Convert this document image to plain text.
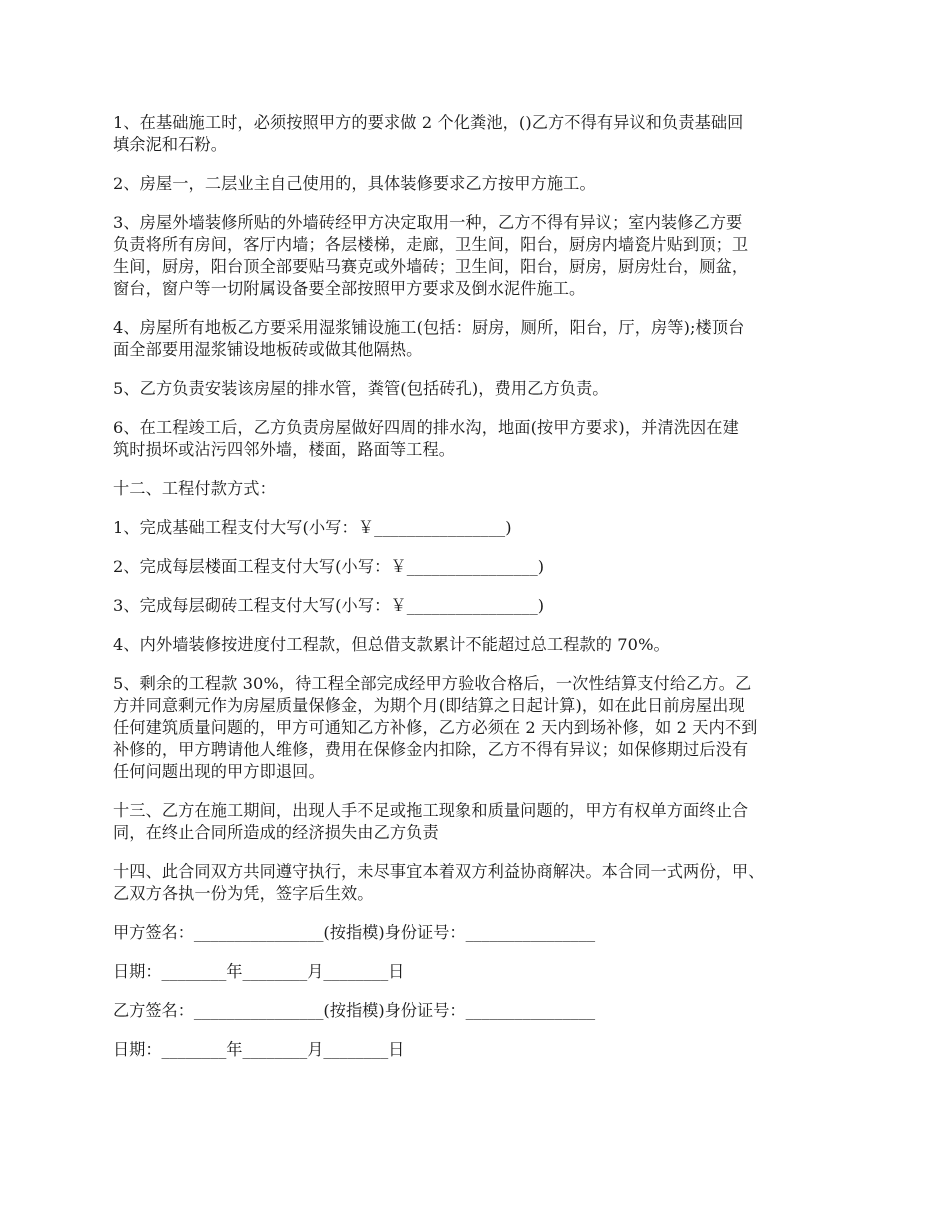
1、在基础施工时，必须按照甲方的要求做 2 个化粪池，()乙方不得有异议和负责基础回
填余泥和石粉。

2、房屋一，二层业主自己使用的，具体装修要求乙方按甲方施工。

3、房屋外墙装修所贴的外墙砖经甲方决定取用一种，乙方不得有异议；室内装修乙方要
负责将所有房间，客厅内墙；各层楼梯，走廊，卫生间，阳台，厨房内墙瓷片贴到顶；卫
生间，厨房，阳台顶全部要贴马赛克或外墙砖；卫生间，阳台，厨房，厨房灶台，厕盆，
窗台，窗户等一切附属设备要全部按照甲方要求及倒水泥件施工。

4、房屋所有地板乙方要采用湿浆铺设施工(包括：厨房，厕所，阳台，厅，房等);楼顶台
面全部要用湿浆铺设地板砖或做其他隔热。

5、乙方负责安装该房屋的排水管，粪管(包括砖孔)，费用乙方负责。

6、在工程竣工后，乙方负责房屋做好四周的排水沟，地面(按甲方要求)，并清洗因在建
筑时损坏或沾污四邻外墙，楼面，路面等工程。

十二、工程付款方式：

1、完成基础工程支付大写(小写：￥________________)

2、完成每层楼面工程支付大写(小写：￥________________)

3、完成每层砌砖工程支付大写(小写：￥________________)

4、内外墙装修按进度付工程款，但总借支款累计不能超过总工程款的 70%。

5、剩余的工程款 30%，待工程全部完成经甲方验收合格后，一次性结算支付给乙方。乙
方并同意剩元作为房屋质量保修金，为期个月(即结算之日起计算)，如在此日前房屋出现
任何建筑质量问题的，甲方可通知乙方补修，乙方必须在 2 天内到场补修，如 2 天内不到
补修的，甲方聘请他人维修，费用在保修金内扣除，乙方不得有异议；如保修期过后没有
任何问题出现的甲方即退回。

十三、乙方在施工期间，出现人手不足或拖工现象和质量问题的，甲方有权单方面终止合
同，在终止合同所造成的经济损失由乙方负责

十四、此合同双方共同遵守执行，未尽事宜本着双方利益协商解决。本合同一式两份，甲、
乙双方各执一份为凭，签字后生效。

甲方签名：________________(按指模)身份证号：________________
日期：________年________月________日
乙方签名：________________(按指模)身份证号：________________
日期：________年________月________日
